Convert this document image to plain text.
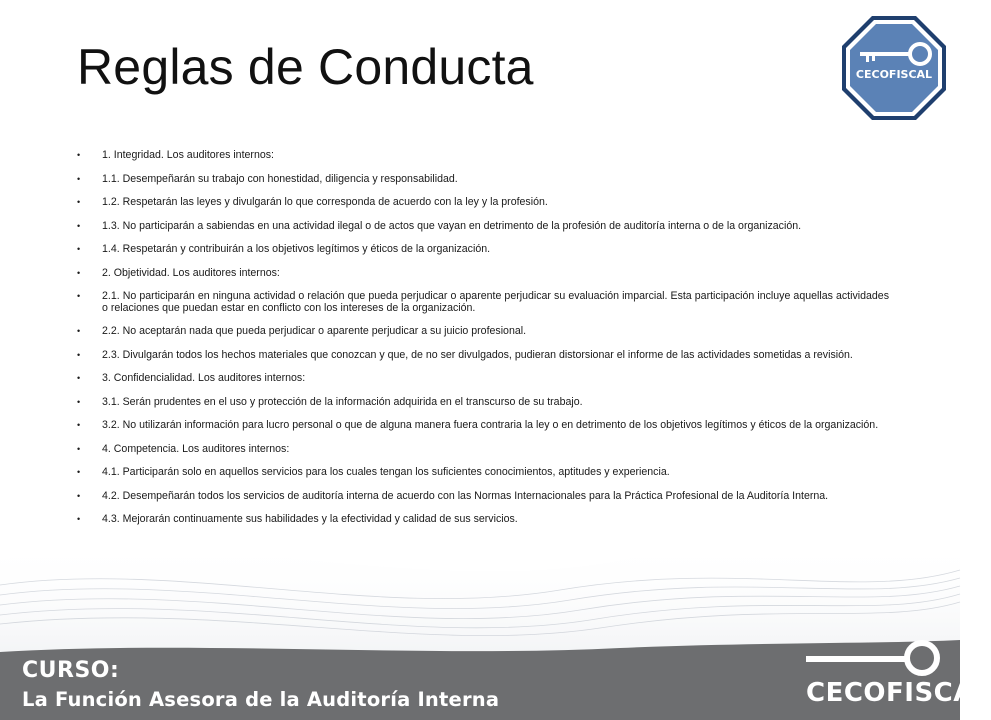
Reglas de Conducta	CECOFISCAL
• 1. Integridad. Los auditores internos:
• 1.1. Desempeñarán su trabajo con honestidad, diligencia y responsabilidad.
• 1.2. Respetarán las leyes y divulgarán lo que corresponda de acuerdo con la ley y la profesión.
• 1.3. No participarán a sabiendas en una actividad ilegal o de actos que vayan en detrimento de la profesión de auditoría interna o de la organización.
• 1.4. Respetarán y contribuirán a los objetivos legítimos y éticos de la organización.
• 2. Objetividad. Los auditores internos:
• 2.1. No participarán en ninguna actividad o relación que pueda perjudicar o aparente perjudicar su evaluación imparcial. Esta participación incluye aquellas actividades o relaciones que puedan estar en conflicto con los intereses de la organización.
• 2.2. No aceptarán nada que pueda perjudicar o aparente perjudicar a su juicio profesional.
• 2.3. Divulgarán todos los hechos materiales que conozcan y que, de no ser divulgados, pudieran distorsionar el informe de las actividades sometidas a revisión.
• 3. Confidencialidad. Los auditores internos:
• 3.1. Serán prudentes en el uso y protección de la información adquirida en el transcurso de su trabajo.
• 3.2. No utilizarán información para lucro personal o que de alguna manera fuera contraria la ley o en detrimento de los objetivos legítimos y éticos de la organización.
• 4. Competencia. Los auditores internos:
• 4.1. Participarán solo en aquellos servicios para los cuales tengan los suficientes conocimientos, aptitudes y experiencia.
• 4.2. Desempeñarán todos los servicios de auditoría interna de acuerdo con las Normas Internacionales para la Práctica Profesional de la Auditoría Interna.
• 4.3. Mejorarán continuamente sus habilidades y la efectividad y calidad de sus servicios.
CURSO:
La Función Asesora de la Auditoría Interna	CECOFISCAL
